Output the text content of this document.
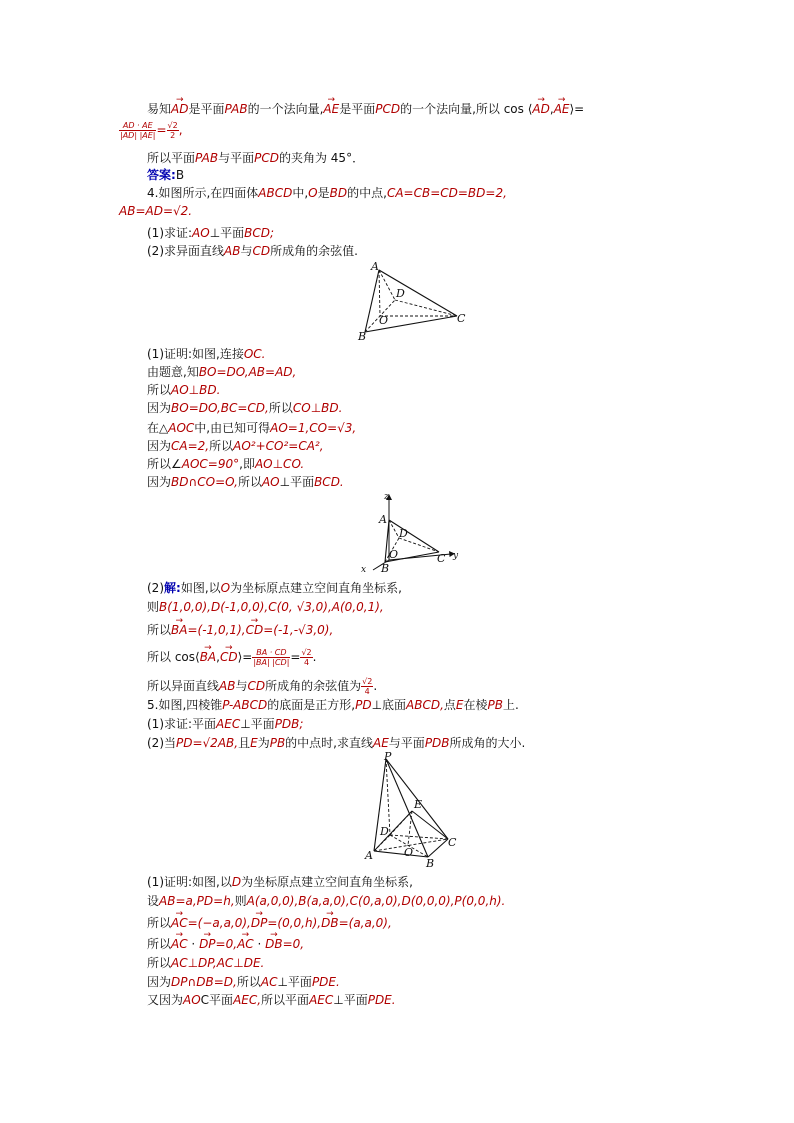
易知→ AD是平面PAB的一个法向量,→ AE是平面PCD的一个法向量,所以 cos ⟨→ AD,→ AE⟩=
$\frac{AD \cdot AE}{|AD| |AE|} = \frac{√2}{2}$ ,
所以平面PAB与平面PCD的夹角为 45°．
答案:B
4.如图所示,在四面体ABCD中,O是BD的中点,CA=CB=CD=BD=2,
AB=AD=√2.
(1)求证:AO⊥平面BCD;
(2)求异面直线AB与CD所成角的余弦值.
A
B
C
D
O
(1)证明:如图,连接OC.
由题意,知BO=DO,AB=AD,
所以AO⊥BD.
因为BO=DO,BC=CD,所以CO⊥BD.
在△AOC中,由已知可得AO=1,CO=√3,
因为CA=2,所以AO²+CO²=CA²,
所以∠AOC=90°,即AO⊥CO.
因为BD∩CO=O,所以AO⊥平面BCD.
z
A
D
O	C y
B
x
(2)解:如图,以O为坐标原点建立空间直角坐标系,
则B(1,0,0),D(-1,0,0),C(0, √3,0),A(0,0,1),
所以→ BA=(-1,0,1),→ CD=(-1,-√3,0),
所以 cos⟨→ BA,→ CD⟩= $\frac{BA \cdot CD}{|BA| |CD|} = \frac{√2}{4}$ .
所以异面直线AB与CD所成角的余弦值为 $\frac{√2}{4}$ .
5.如图,四棱锥P-ABCD的底面是正方形,PD⊥底面ABCD,点E在棱PB上.
(1)求证:平面AEC⊥平面PDB;
(2)当PD=√2AB,且E为PB的中点时,求直线AE与平面PDB所成角的大小.
P
E
D
C
O
A
B
(1)证明:如图,以D为坐标原点建立空间直角坐标系,
设AB=a,PD=h,则A(a,0,0),B(a,a,0),C(0,a,0),D(0,0,0),P(0,0,h).
所以→ AC=(−a,a,0),→ DP=(0,0,h),→ DB=(a,a,0),
所以→ AC · → DP=0,→ AC · → DB=0,
所以AC⊥DP,AC⊥DE.
因为DP∩DB=D,所以AC⊥平面PDE.
又因为AOC平面AEC,所以平面AEC⊥平面PDE.
